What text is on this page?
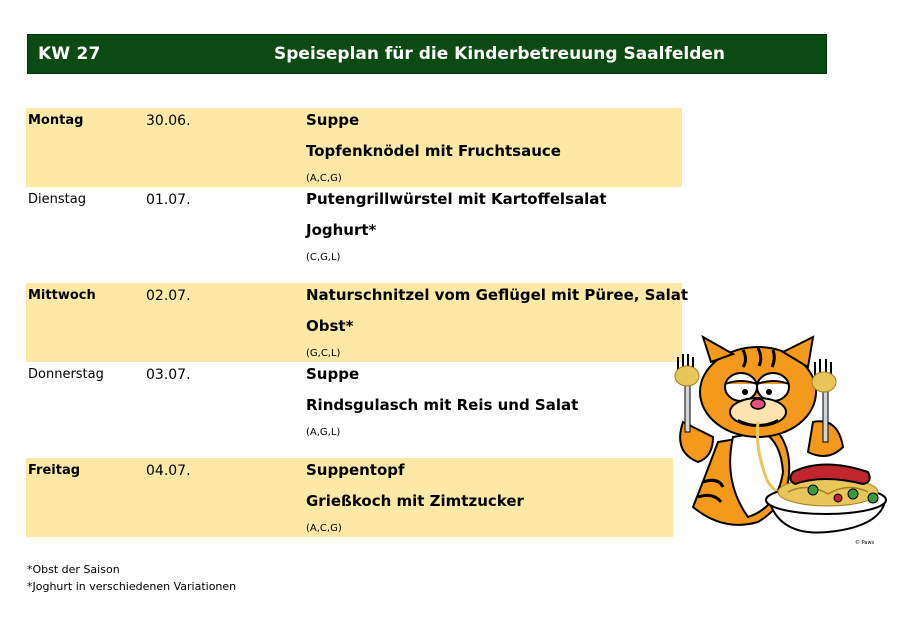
KW 27	Speiseplan für die Kinderbetreuung Saalfelden
Montag	30.06.	Suppe
Topfenknödel mit Fruchtsauce
(A,C,G)
Dienstag	01.07.	Putengrillwürstel mit Kartoffelsalat
Joghurt*
(C,G,L)
Mittwoch	02.07.	Naturschnitzel vom Geflügel mit Püree, Salat
Obst*
(G,C,L)
Donnerstag	03.07.	Suppe
Rindsgulasch mit Reis und Salat
(A,G,L)
Freitag	04.07.	Suppentopf
Grießkoch mit Zimtzucker
(A,C,G)
*Obst der Saison
*Joghurt in verschiedenen Variationen
© Paws
